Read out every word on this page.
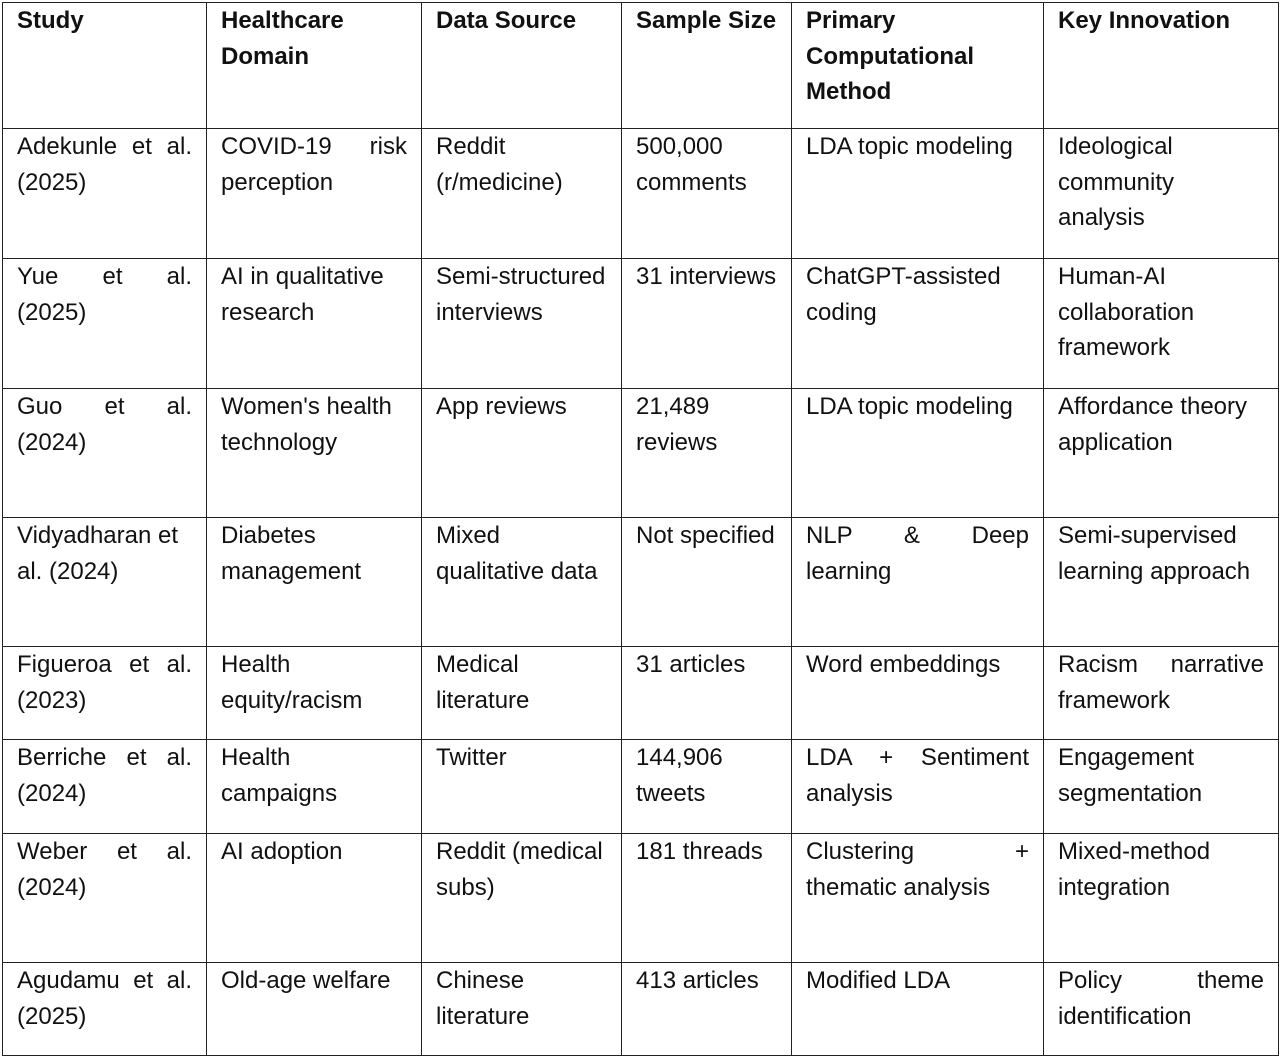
Study	Healthcare Domain	Data Source	Sample Size	Primary Computational Method	Key Innovation
Adekunle et al. (2025)	COVID-19 risk perception	Reddit (r/medicine)	500,000 comments	LDA topic modeling	Ideological community analysis
Yue et al. (2025)	AI in qualitative research	Semi-structured interviews	31 interviews	ChatGPT-assisted coding	Human-AI collaboration framework
Guo et al. (2024)	Women's health technology	App reviews	21,489 reviews	LDA topic modeling	Affordance theory application
Vidyadharan et al. (2024)	Diabetes management	Mixed qualitative data	Not specified	NLP & Deep learning	Semi-supervised learning approach
Figueroa et al. (2023)	Health equity/racism	Medical literature	31 articles	Word embeddings	Racism narrative framework
Berriche et al. (2024)	Health campaigns	Twitter	144,906 tweets	LDA + Sentiment analysis	Engagement segmentation
Weber et al. (2024)	AI adoption	Reddit (medical subs)	181 threads	Clustering + thematic analysis	Mixed-method integration
Agudamu et al. (2025)	Old-age welfare	Chinese literature	413 articles	Modified LDA	Policy theme identification
